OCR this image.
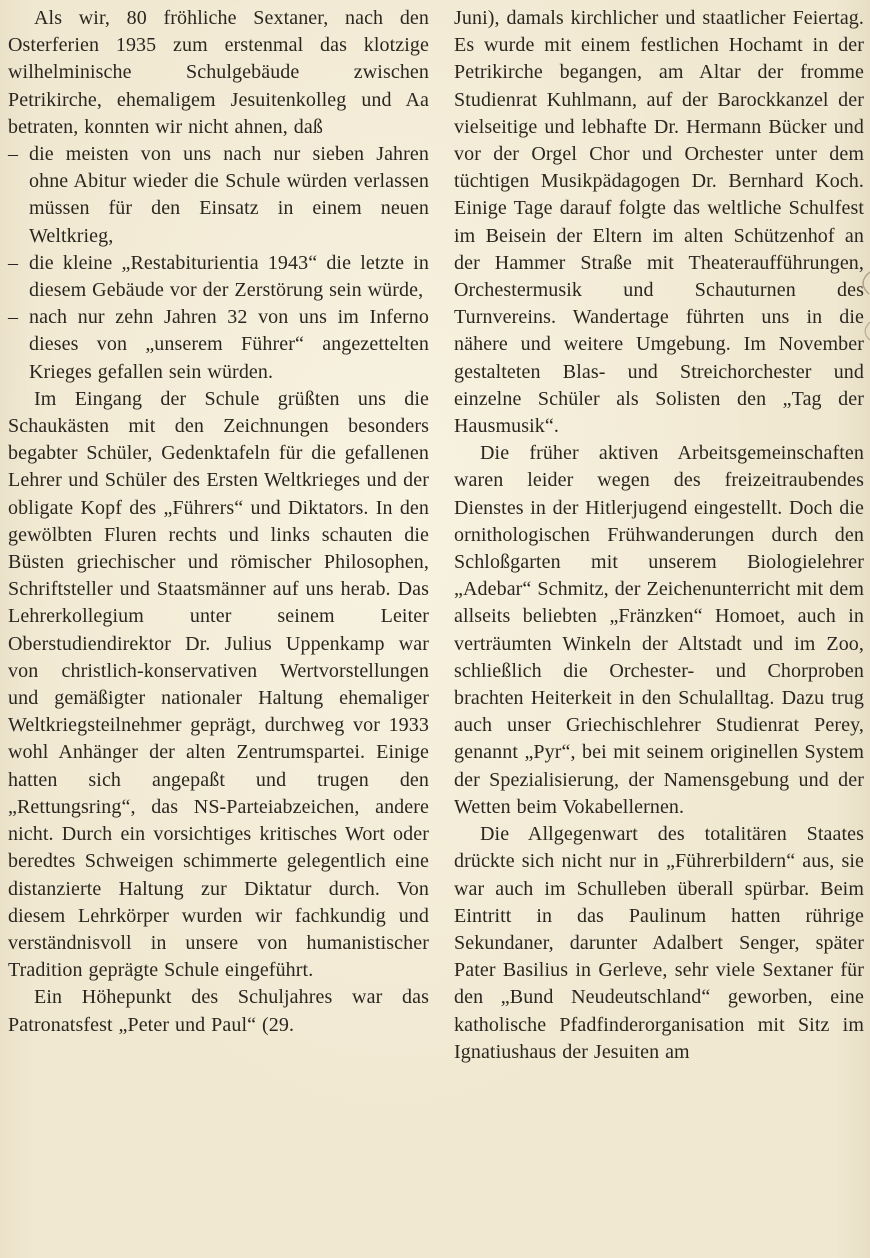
Als wir, 80 fröhliche Sextaner, nach den Osterferien 1935 zum erstenmal das klotzige wilhelminische Schulgebäude zwischen Petrikirche, ehemaligem Jesuitenkolleg und Aa betraten, konnten wir nicht ahnen, daß

– die meisten von uns nach nur sieben Jahren ohne Abitur wieder die Schule würden verlassen müssen für den Einsatz in einem neuen Weltkrieg,

– die kleine „Restabiturientia 1943“ die letzte in diesem Gebäude vor der Zerstörung sein würde,

– nach nur zehn Jahren 32 von uns im Inferno dieses von „unserem Führer“ angezettelten Krieges gefallen sein würden.

Im Eingang der Schule grüßten uns die Schaukästen mit den Zeichnungen besonders begabter Schüler, Gedenktafeln für die gefallenen Lehrer und Schüler des Ersten Weltkrieges und der obligate Kopf des „Führers“ und Diktators. In den gewölbten Fluren rechts und links schauten die Büsten griechischer und römischer Philosophen, Schriftsteller und Staatsmänner auf uns herab. Das Lehrerkollegium unter seinem Leiter Oberstudiendirektor Dr. Julius Uppenkamp war von christlich-konservativen Wertvorstellungen und gemäßigter nationaler Haltung ehemaliger Weltkriegsteilnehmer geprägt, durchweg vor 1933 wohl Anhänger der alten Zentrumspartei. Einige hatten sich angepaßt und trugen den „Rettungsring“, das NS-Parteiabzeichen, andere nicht. Durch ein vorsichtiges kritisches Wort oder beredtes Schweigen schimmerte gelegentlich eine distanzierte Haltung zur Diktatur durch. Von diesem Lehrkörper wurden wir fachkundig und verständnisvoll in unsere von humanistischer Tradition geprägte Schule eingeführt.

Ein Höhepunkt des Schuljahres war das Patronatsfest „Peter und Paul“ (29.

Juni), damals kirchlicher und staatlicher Feiertag. Es wurde mit einem festlichen Hochamt in der Petrikirche begangen, am Altar der fromme Studienrat Kuhlmann, auf der Barockkanzel der vielseitige und lebhafte Dr. Hermann Bücker und vor der Orgel Chor und Orchester unter dem tüchtigen Musikpädagogen Dr. Bernhard Koch. Einige Tage darauf folgte das weltliche Schulfest im Beisein der Eltern im alten Schützenhof an der Hammer Straße mit Theateraufführungen, Orchestermusik und Schauturnen des Turnvereins. Wandertage führten uns in die nähere und weitere Umgebung. Im November gestalteten Blas- und Streichorchester und einzelne Schüler als Solisten den „Tag der Hausmusik“.

Die früher aktiven Arbeitsgemeinschaften waren leider wegen des freizeitraubendes Dienstes in der Hitlerjugend eingestellt. Doch die ornithologischen Frühwanderungen durch den Schloßgarten mit unserem Biologielehrer „Adebar“ Schmitz, der Zeichenunterricht mit dem allseits beliebten „Fränzken“ Homoet, auch in verträumten Winkeln der Altstadt und im Zoo, schließlich die Orchester- und Chorproben brachten Heiterkeit in den Schulalltag. Dazu trug auch unser Griechischlehrer Studienrat Perey, genannt „Pyr“, bei mit seinem originellen System der Spezialisierung, der Namensgebung und der Wetten beim Vokabellernen.

Die Allgegenwart des totalitären Staates drückte sich nicht nur in „Führerbildern“ aus, sie war auch im Schulleben überall spürbar. Beim Eintritt in das Paulinum hatten rührige Sekundaner, darunter Adalbert Senger, später Pater Basilius in Gerleve, sehr viele Sextaner für den „Bund Neudeutschland“ geworben, eine katholische Pfadfinderorganisation mit Sitz im Ignatiushaus der Jesuiten am
